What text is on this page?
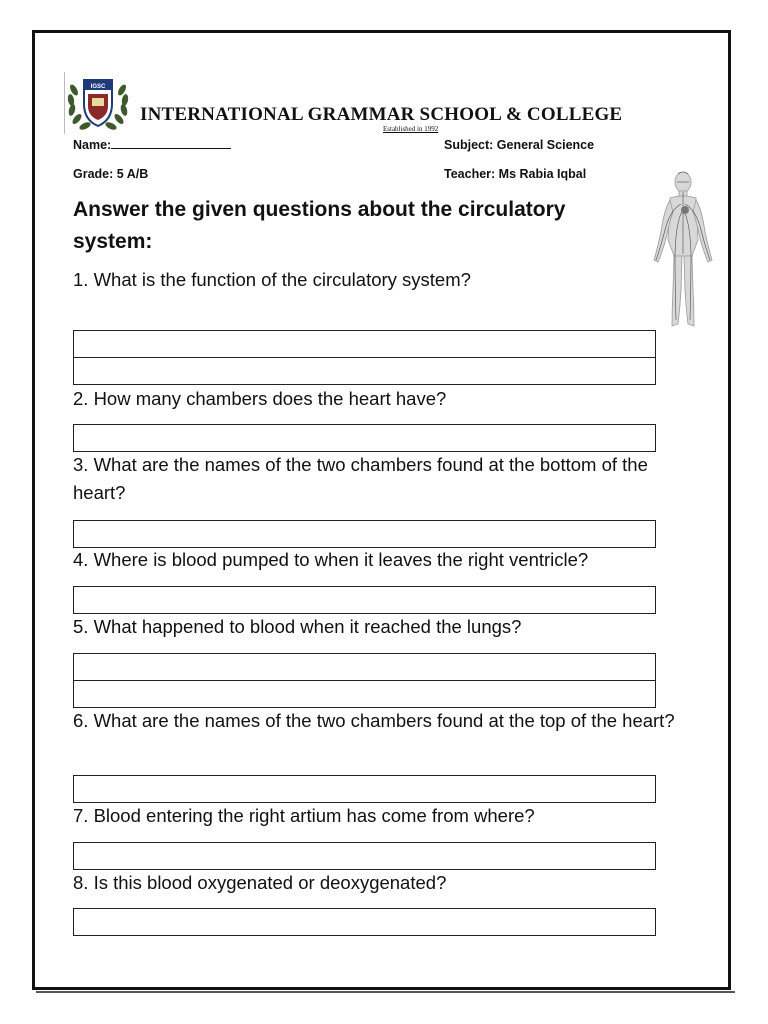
IGSC
INTERNATIONAL GRAMMAR SCHOOL & COLLEGE
Established in 1992
Name:	Subject: General Science
Grade: 5 A/B	Teacher: Ms Rabia Iqbal
Answer the given questions about the circulatory system:
1. What is the function of the circulatory system?
2. How many chambers does the heart have?
3. What are the names of the two chambers found at the bottom of the heart?
4. Where is blood pumped to when it leaves the right ventricle?
5. What happened to blood when it reached the lungs?
6. What are the names of the two chambers found at the top of the heart?
7. Blood entering the right artium has come from where?
8. Is this blood oxygenated or deoxygenated?
